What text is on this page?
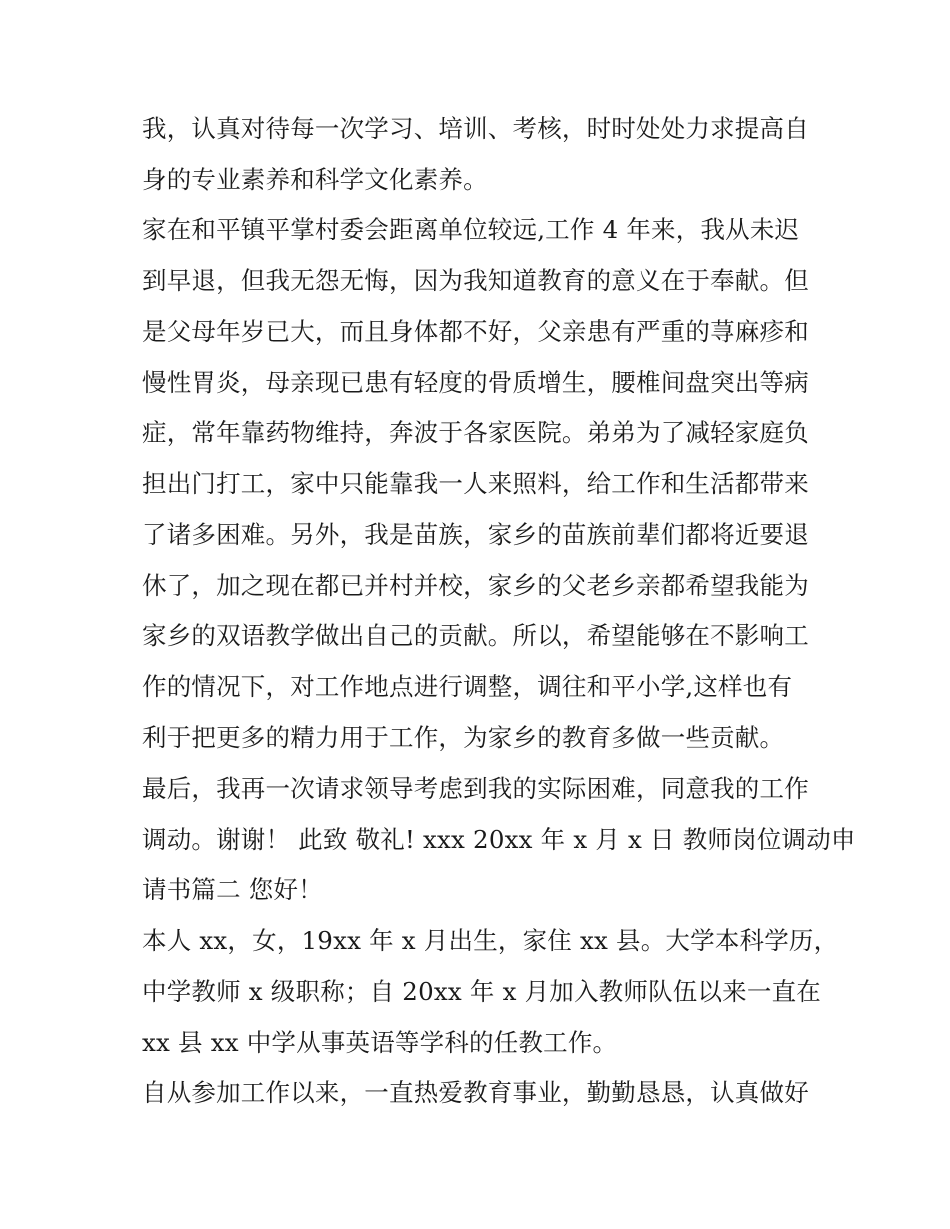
我，认真对待每一次学习、培训、考核，时时处处力求提高自

身的专业素养和科学文化素养。

家在和平镇平掌村委会距离单位较远,工作 4 年来，我从未迟

到早退，但我无怨无悔，因为我知道教育的意义在于奉献。但

是父母年岁已大，而且身体都不好，父亲患有严重的荨麻疹和

慢性胃炎，母亲现已患有轻度的骨质增生，腰椎间盘突出等病

症，常年靠药物维持，奔波于各家医院。弟弟为了减轻家庭负

担出门打工，家中只能靠我一人来照料，给工作和生活都带来

了诸多困难。另外，我是苗族，家乡的苗族前辈们都将近要退

休了，加之现在都已并村并校，家乡的父老乡亲都希望我能为

家乡的双语教学做出自己的贡献。所以，希望能够在不影响工

作的情况下，对工作地点进行调整，调往和平小学,这样也有

利于把更多的精力用于工作，为家乡的教育多做一些贡献。

最后，我再一次请求领导考虑到我的实际困难，同意我的工作

调动。谢谢！ 此致 敬礼! xxx 20xx 年 x 月 x 日 教师岗位调动申

请书篇二 您好！

本人 xx，女，19xx 年 x 月出生，家住 xx 县。大学本科学历，

中学教师 x 级职称；自 20xx 年 x 月加入教师队伍以来一直在

xx 县 xx 中学从事英语等学科的任教工作。

自从参加工作以来，一直热爱教育事业，勤勤恳恳，认真做好
